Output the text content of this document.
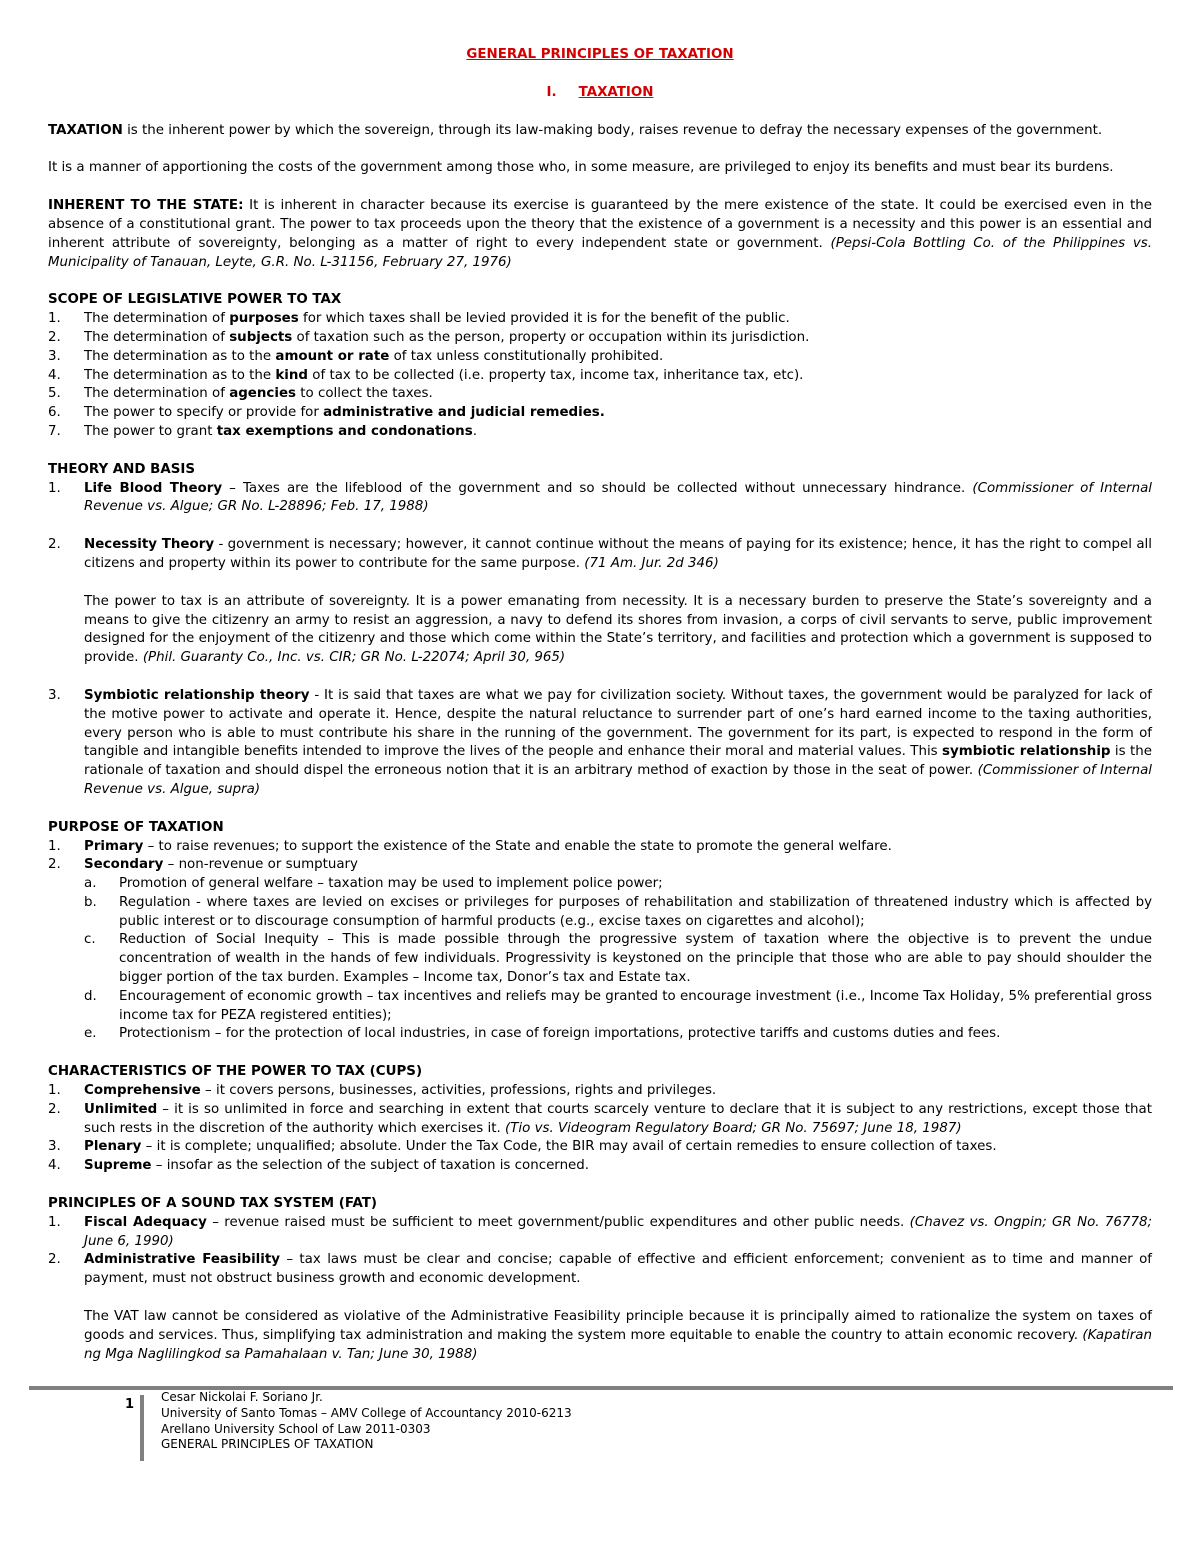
GENERAL PRINCIPLES OF TAXATION

I. TAXATION

TAXATION is the inherent power by which the sovereign, through its law-making body, raises revenue to defray the necessary expenses of the government.

It is a manner of apportioning the costs of the government among those who, in some measure, are privileged to enjoy its benefits and must bear its burdens.

INHERENT TO THE STATE: It is inherent in character because its exercise is guaranteed by the mere existence of the state. It could be exercised even in the absence of a constitutional grant. The power to tax proceeds upon the theory that the existence of a government is a necessity and this power is an essential and inherent attribute of sovereignty, belonging as a matter of right to every independent state or government. (Pepsi-Cola Bottling Co. of the Philippines vs. Municipality of Tanauan, Leyte, G.R. No. L-31156, February 27, 1976)

SCOPE OF LEGISLATIVE POWER TO TAX

1. The determination of purposes for which taxes shall be levied provided it is for the benefit of the public.
2. The determination of subjects of taxation such as the person, property or occupation within its jurisdiction.
3. The determination as to the amount or rate of tax unless constitutionally prohibited.
4. The determination as to the kind of tax to be collected (i.e. property tax, income tax, inheritance tax, etc).
5. The determination of agencies to collect the taxes.
6. The power to specify or provide for administrative and judicial remedies.
7. The power to grant tax exemptions and condonations.

THEORY AND BASIS

1. Life Blood Theory – Taxes are the lifeblood of the government and so should be collected without unnecessary hindrance. (Commissioner of Internal Revenue vs. Algue; GR No. L-28896; Feb. 17, 1988)
2. Necessity Theory - government is necessary; however, it cannot continue without the means of paying for its existence; hence, it has the right to compel all citizens and property within its power to contribute for the same purpose. (71 Am. Jur. 2d 346)

The power to tax is an attribute of sovereignty. It is a power emanating from necessity. It is a necessary burden to preserve the State’s sovereignty and a means to give the citizenry an army to resist an aggression, a navy to defend its shores from invasion, a corps of civil servants to serve, public improvement designed for the enjoyment of the citizenry and those which come within the State’s territory, and facilities and protection which a government is supposed to provide. (Phil. Guaranty Co., Inc. vs. CIR; GR No. L-22074; April 30, 965)

3. Symbiotic relationship theory - It is said that taxes are what we pay for civilization society. Without taxes, the government would be paralyzed for lack of the motive power to activate and operate it. Hence, despite the natural reluctance to surrender part of one’s hard earned income to the taxing authorities, every person who is able to must contribute his share in the running of the government. The government for its part, is expected to respond in the form of tangible and intangible benefits intended to improve the lives of the people and enhance their moral and material values. This symbiotic relationship is the rationale of taxation and should dispel the erroneous notion that it is an arbitrary method of exaction by those in the seat of power. (Commissioner of Internal Revenue vs. Algue, supra)

PURPOSE OF TAXATION

1. Primary – to raise revenues; to support the existence of the State and enable the state to promote the general welfare.
2. Secondary – non-revenue or sumptuary
a. Promotion of general welfare – taxation may be used to implement police power;
b. Regulation - where taxes are levied on excises or privileges for purposes of rehabilitation and stabilization of threatened industry which is affected by public interest or to discourage consumption of harmful products (e.g., excise taxes on cigarettes and alcohol);
c. Reduction of Social Inequity – This is made possible through the progressive system of taxation where the objective is to prevent the undue concentration of wealth in the hands of few individuals. Progressivity is keystoned on the principle that those who are able to pay should shoulder the bigger portion of the tax burden. Examples – Income tax, Donor’s tax and Estate tax.
d. Encouragement of economic growth – tax incentives and reliefs may be granted to encourage investment (i.e., Income Tax Holiday, 5% preferential gross income tax for PEZA registered entities);
e. Protectionism – for the protection of local industries, in case of foreign importations, protective tariffs and customs duties and fees.

CHARACTERISTICS OF THE POWER TO TAX (CUPS)

1. Comprehensive – it covers persons, businesses, activities, professions, rights and privileges.
2. Unlimited – it is so unlimited in force and searching in extent that courts scarcely venture to declare that it is subject to any restrictions, except those that such rests in the discretion of the authority which exercises it. (Tio vs. Videogram Regulatory Board; GR No. 75697; June 18, 1987)
3. Plenary – it is complete; unqualified; absolute. Under the Tax Code, the BIR may avail of certain remedies to ensure collection of taxes.
4. Supreme – insofar as the selection of the subject of taxation is concerned.

PRINCIPLES OF A SOUND TAX SYSTEM (FAT)

1. Fiscal Adequacy – revenue raised must be sufficient to meet government/public expenditures and other public needs. (Chavez vs. Ongpin; GR No. 76778; June 6, 1990)
2. Administrative Feasibility – tax laws must be clear and concise; capable of effective and efficient enforcement; convenient as to time and manner of payment, must not obstruct business growth and economic development.

The VAT law cannot be considered as violative of the Administrative Feasibility principle because it is principally aimed to rationalize the system on taxes of goods and services. Thus, simplifying tax administration and making the system more equitable to enable the country to attain economic recovery. (Kapatiran ng Mga Naglilingkod sa Pamahalaan v. Tan; June 30, 1988)

1 Cesar Nickolai F. Soriano Jr.
University of Santo Tomas – AMV College of Accountancy 2010-6213
Arellano University School of Law 2011-0303
GENERAL PRINCIPLES OF TAXATION
